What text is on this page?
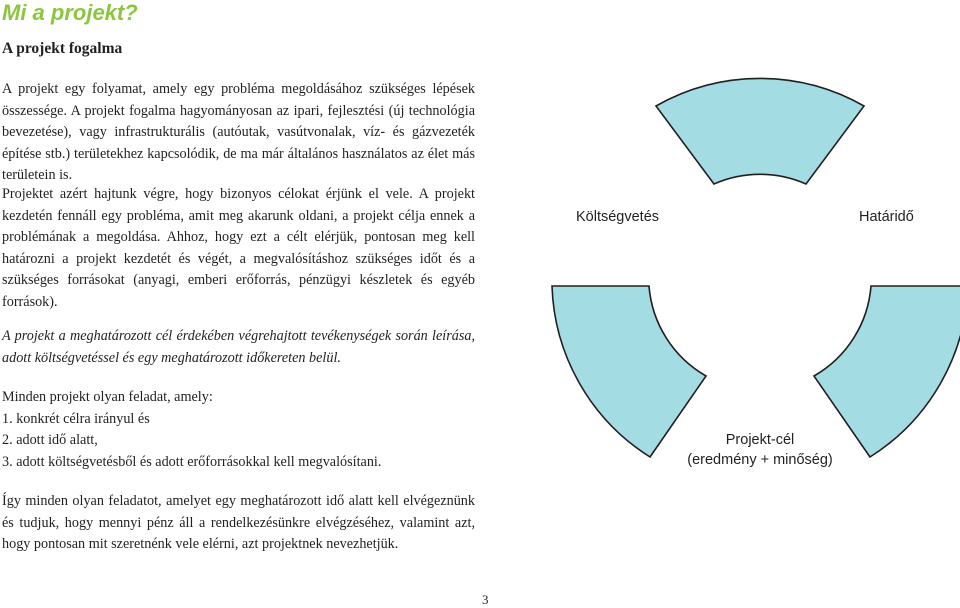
Mi a projekt?
A projekt fogalma
A projekt egy folyamat, amely egy probléma megoldásához szükséges lépések összessége. A projekt fogalma hagyományosan az ipari, fejlesztési (új technológia bevezetése), vagy infrastrukturális (autóutak, vasútvonalak, víz- és gázvezeték építése stb.) területekhez kapcsolódik, de ma már általános használatos az élet más területein is.
Projektet azért hajtunk végre, hogy bizonyos célokat érjünk el vele. A projekt kezdetén fennáll egy probléma, amit meg akarunk oldani, a projekt célja ennek a problémának a megoldása. Ahhoz, hogy ezt a célt elérjük, pontosan meg kell határozni a projekt kezdetét és végét, a megvalósításhoz szükséges időt és a szükséges forrásokat (anyagi, emberi erőforrás, pénzügyi készletek és egyéb források).
A projekt a meghatározott cél érdekében végrehajtott tevékenységek során leírása, adott költségvetéssel és egy meghatározott időkereten belül.
Minden projekt olyan feladat, amely:
1. konkrét célra irányul és
2. adott idő alatt,
3. adott költségvetésből és adott erőforrásokkal kell megvalósítani.
Így minden olyan feladatot, amelyet egy meghatározott idő alatt kell elvégeznünk és tudjuk, hogy mennyi pénz áll a rendelkezésünkre elvégzéséhez, valamint azt, hogy pontosan mit szeretnénk vele elérni, azt projektnek nevezhetjük.
3
Költségvetés	Határidő
Projekt-cél
(eredmény + minőség)
